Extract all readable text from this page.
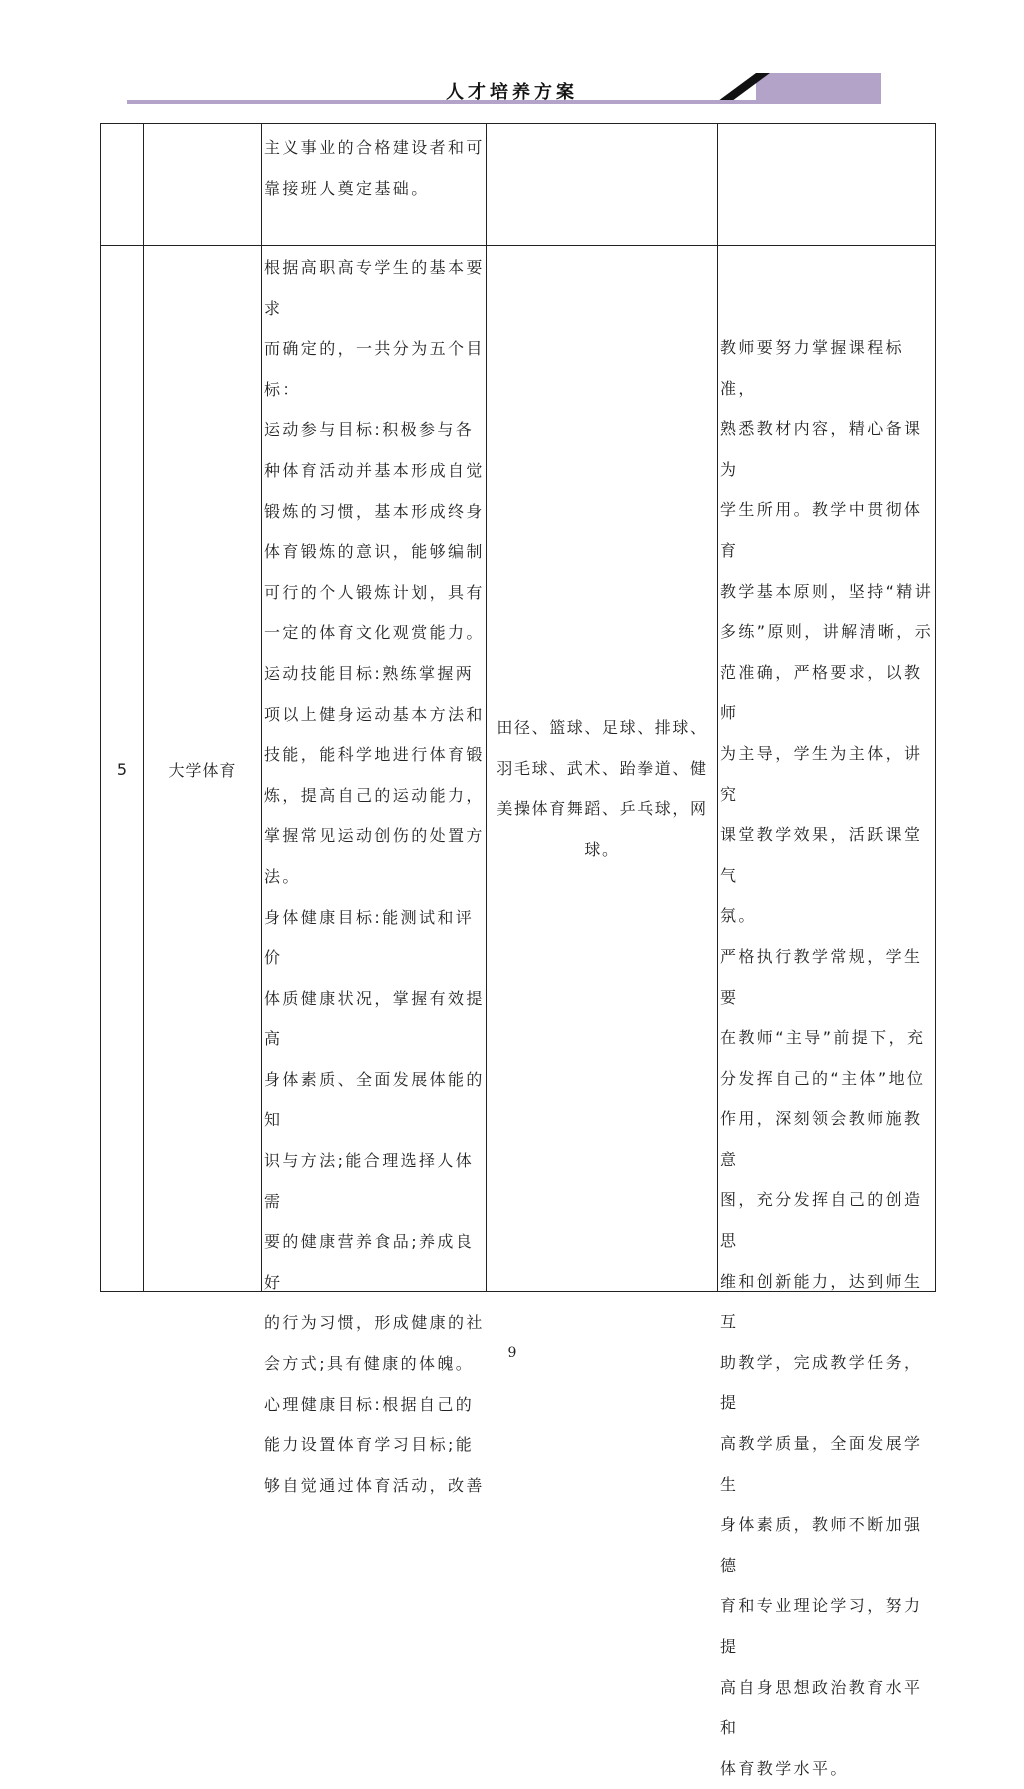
人才培养方案
主义事业的合格建设者和可
靠接班人奠定基础。
5	大学体育
根据高职高专学生的基本要求
而确定的，一共分为五个目
标：
运动参与目标:积极参与各
种体育活动并基本形成自觉
锻炼的习惯，基本形成终身
体育锻炼的意识，能够编制
可行的个人锻炼计划，具有
一定的体育文化观赏能力。
运动技能目标:熟练掌握两
项以上健身运动基本方法和
技能，能科学地进行体育锻
炼，提高自己的运动能力，
掌握常见运动创伤的处置方
法。
身体健康目标:能测试和评价
体质健康状况，掌握有效提高
身体素质、全面发展体能的知
识与方法;能合理选择人体需
要的健康营养食品;养成良好
的行为习惯，形成健康的社
会方式;具有健康的体魄。
心理健康目标:根据自己的
能力设置体育学习目标;能
够自觉通过体育活动，改善
田径、篮球、足球、排球、羽毛球、武术、跆拳道、健美操体育舞蹈、乒乓球，网球。
教师要努力掌握课程标准，
熟悉教材内容，精心备课为
学生所用。教学中贯彻体育
教学基本原则，坚持“精讲
多练”原则，讲解清晰，示
范准确，严格要求，以教师
为主导，学生为主体，讲究
课堂教学效果，活跃课堂气
氛。
严格执行教学常规，学生要
在教师“主导”前提下，充
分发挥自己的“主体”地位
作用，深刻领会教师施教意
图，充分发挥自己的创造思
维和创新能力，达到师生互
助教学，完成教学任务，提
高教学质量，全面发展学生
身体素质，教师不断加强德
育和专业理论学习，努力提
高自身思想政治教育水平和
体育教学水平。
9
